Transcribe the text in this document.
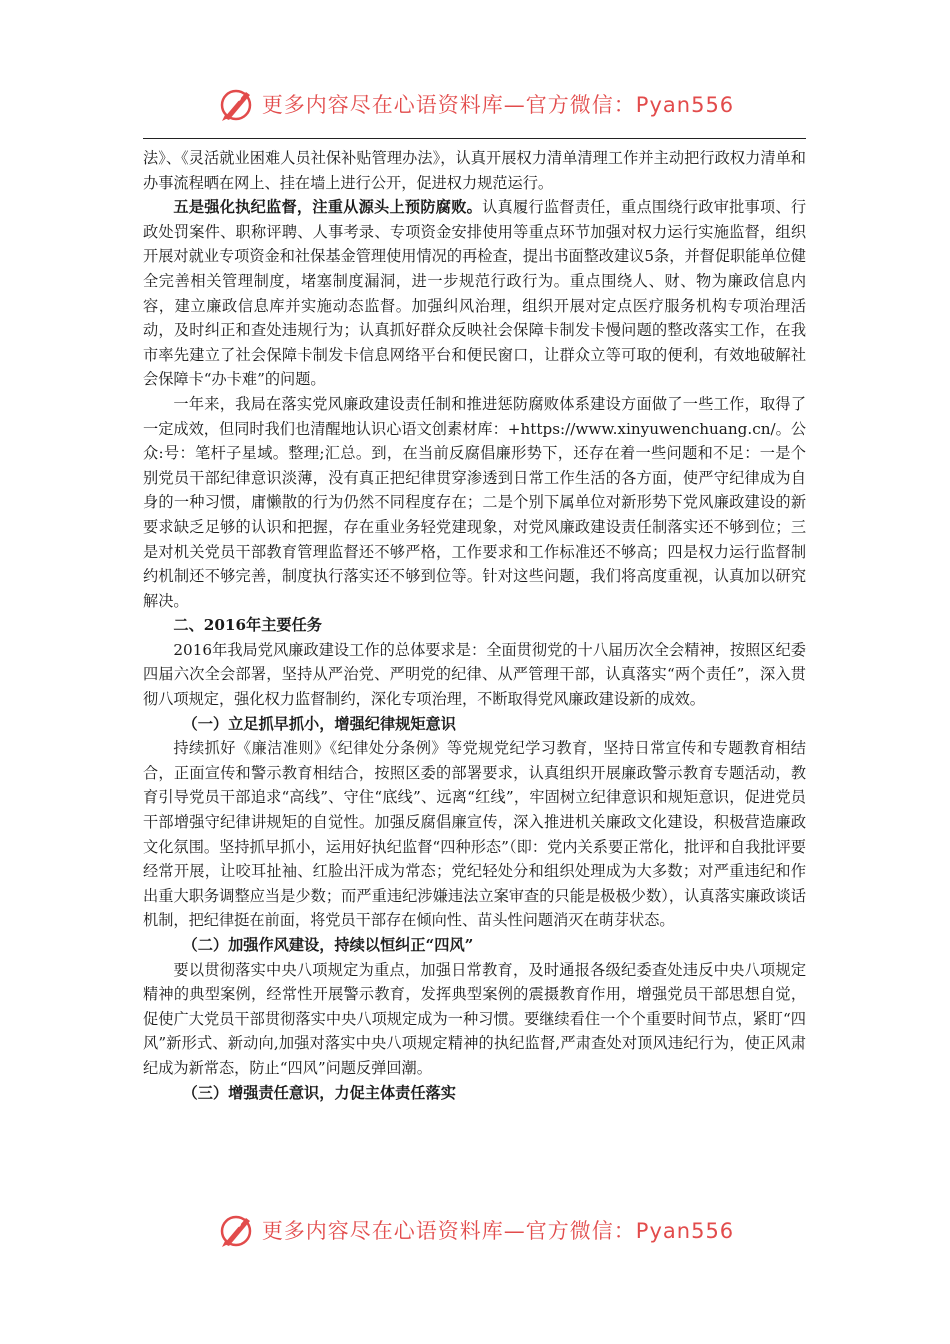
更多内容尽在心语资料库—官方微信：Pyan556

法》、《灵活就业困难人员社保补贴管理办法》，认真开展权力清单清理工作并主动把行政权力清单和办事流程晒在网上、挂在墙上进行公开，促进权力规范运行。

五是强化执纪监督，注重从源头上预防腐败。认真履行监督责任，重点围绕行政审批事项、行政处罚案件、职称评聘、人事考录、专项资金安排使用等重点环节加强对权力运行实施监督，组织开展对就业专项资金和社保基金管理使用情况的再检查，提出书面整改建议5条，并督促职能单位健全完善相关管理制度，堵塞制度漏洞，进一步规范行政行为。重点围绕人、财、物为廉政信息内容，建立廉政信息库并实施动态监督。加强纠风治理，组织开展对定点医疗服务机构专项治理活动，及时纠正和查处违规行为；认真抓好群众反映社会保障卡制发卡慢问题的整改落实工作，在我市率先建立了社会保障卡制发卡信息网络平台和便民窗口，让群众立等可取的便利，有效地破解社会保障卡“办卡难”的问题。

一年来，我局在落实党风廉政建设责任制和推进惩防腐败体系建设方面做了一些工作，取得了一定成效，但同时我们也清醒地认识心语文创素材库：+https://www.xinyuwenchuang.cn/。公众:号：笔杆子星域。整理;汇总。到，在当前反腐倡廉形势下，还存在着一些问题和不足：一是个别党员干部纪律意识淡薄，没有真正把纪律贯穿渗透到日常工作生活的各方面，使严守纪律成为自身的一种习惯，庸懒散的行为仍然不同程度存在；二是个别下属单位对新形势下党风廉政建设的新要求缺乏足够的认识和把握，存在重业务轻党建现象，对党风廉政建设责任制落实还不够到位；三是对机关党员干部教育管理监督还不够严格，工作要求和工作标准还不够高；四是权力运行监督制约机制还不够完善，制度执行落实还不够到位等。针对这些问题，我们将高度重视，认真加以研究解决。

二、2016年主要任务

2016年我局党风廉政建设工作的总体要求是：全面贯彻党的十八届历次全会精神，按照区纪委四届六次全会部署，坚持从严治党、严明党的纪律、从严管理干部，认真落实“两个责任”，深入贯彻八项规定，强化权力监督制约，深化专项治理，不断取得党风廉政建设新的成效。

（一）立足抓早抓小，增强纪律规矩意识

持续抓好《廉洁准则》《纪律处分条例》等党规党纪学习教育，坚持日常宣传和专题教育相结合，正面宣传和警示教育相结合，按照区委的部署要求，认真组织开展廉政警示教育专题活动，教育引导党员干部追求“高线”、守住“底线”、远离“红线”，牢固树立纪律意识和规矩意识，促进党员干部增强守纪律讲规矩的自觉性。加强反腐倡廉宣传，深入推进机关廉政文化建设，积极营造廉政文化氛围。坚持抓早抓小，运用好执纪监督“四种形态”（即：党内关系要正常化，批评和自我批评要经常开展，让咬耳扯袖、红脸出汗成为常态；党纪轻处分和组织处理成为大多数；对严重违纪和作出重大职务调整应当是少数；而严重违纪涉嫌违法立案审查的只能是极极少数），认真落实廉政谈话机制，把纪律挺在前面，将党员干部存在倾向性、苗头性问题消灭在萌芽状态。

（二）加强作风建设，持续以恒纠正“四风”

要以贯彻落实中央八项规定为重点，加强日常教育，及时通报各级纪委查处违反中央八项规定精神的典型案例，经常性开展警示教育，发挥典型案例的震摄教育作用，增强党员干部思想自觉，促使广大党员干部贯彻落实中央八项规定成为一种习惯。要继续看住一个个重要时间节点，紧盯“四风”新形式、新动向,加强对落实中央八项规定精神的执纪监督,严肃查处对顶风违纪行为，使正风肃纪成为新常态，防止“四风”问题反弹回潮。

（三）增强责任意识，力促主体责任落实

更多内容尽在心语资料库—官方微信：Pyan556
